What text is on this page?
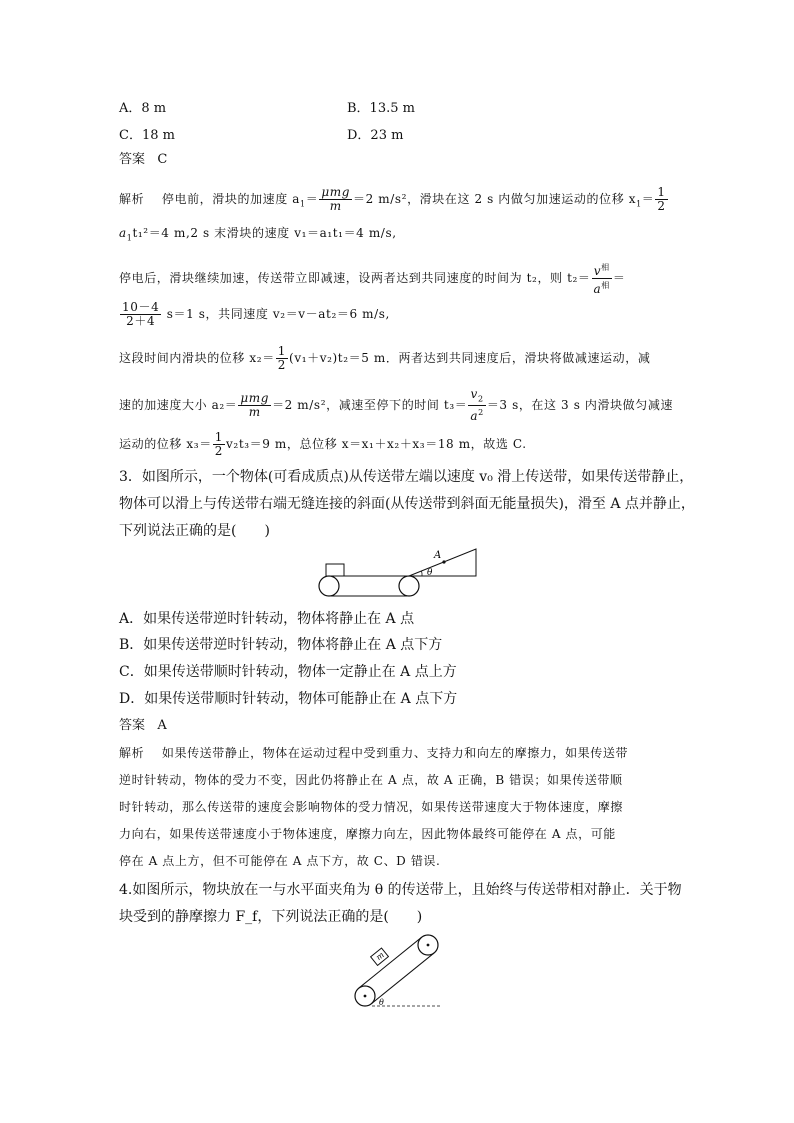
A．8 m	B．13.5 m
C．18 m	D．23 m
答案 C
解析 停电前，滑块的加速度 $a_1= \frac{\text{μmg}}{m} =2$ m/s²，滑块在这 2 s 内做匀加速运动的位移 $x_1= \frac{1}{2}$
$a_1t_1^2=4$ m,2 s 末滑块的速度 v₁＝a₁t₁＝4 m/s,
停电后，滑块继续加速，传送带立即减速，设两者达到共同速度的时间为 t₂，则 $t_2= \frac{v^相}{a^相}$ ＝
$\frac{10-4}{2+4} s=1$ s，共同速度 v₂＝v－at₂＝6 m/s,
这段时间内滑块的位移 $x_2= \frac{1}{2} (v_1+v_2)t_2=5$ m．两者达到共同速度后，滑块将做减速运动，减
速的加速度大小 $a_2= \frac{\text{μmg}}{m} =2$ m/s²，减速至停下的时间 $t_3= \frac{v_2}{a^2} =3$ s，在这 3 s 内滑块做匀减速
运动的位移 $x_3= \frac{1}{2} v_2t_3=9$ m，总位移 x＝x₁＋x₂＋x₃＝18 m，故选 C.
3．如图所示，一个物体(可看成质点)从传送带左端以速度 v₀ 滑上传送带，如果传送带静止，
物体可以滑上与传送带右端无缝连接的斜面(从传送带到斜面无能量损失)，滑至 A 点并静止，
下列说法正确的是(　　)
A
θ
A．如果传送带逆时针转动，物体将静止在 A 点
B．如果传送带逆时针转动，物体将静止在 A 点下方
C．如果传送带顺时针转动，物体一定静止在 A 点上方
D．如果传送带顺时针转动，物体可能静止在 A 点下方
答案 A
解析 如果传送带静止，物体在运动过程中受到重力、支持力和向左的摩擦力，如果传送带
逆时针转动，物体的受力不变，因此仍将静止在 A 点，故 A 正确，B 错误；如果传送带顺
时针转动，那么传送带的速度会影响物体的受力情况，如果传送带速度大于物体速度，摩擦
力向右，如果传送带速度小于物体速度，摩擦力向左，因此物体最终可能停在 A 点，可能
停在 A 点上方，但不可能停在 A 点下方，故 C、D 错误.
4.如图所示，物块放在一与水平面夹角为 θ 的传送带上，且始终与传送带相对静止．关于物
块受到的静摩擦力 F_f，下列说法正确的是(　　)
m
θ
